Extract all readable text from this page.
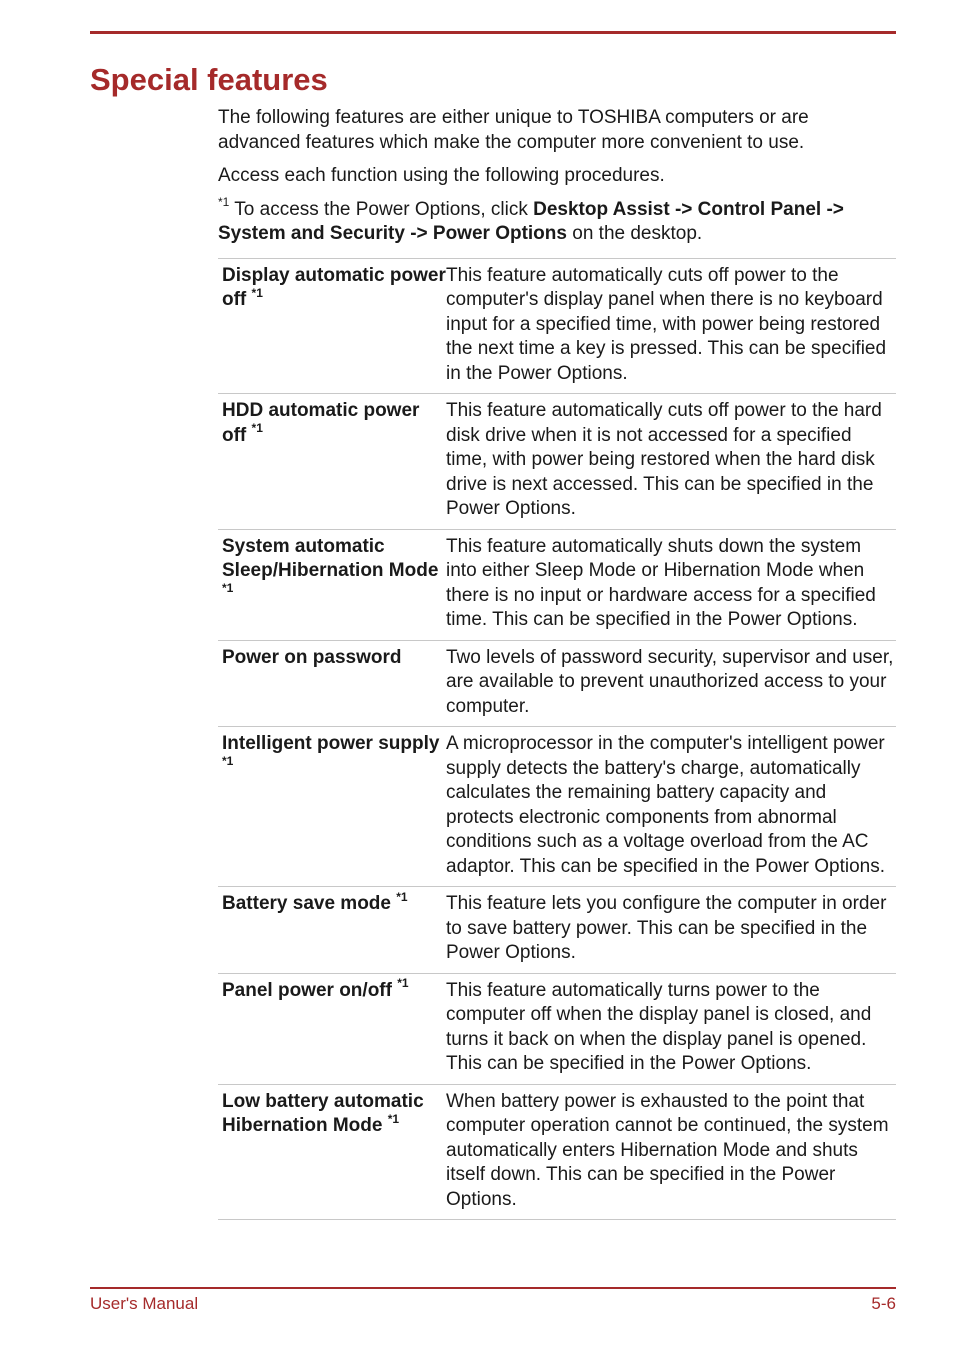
Special features

The following features are either unique to TOSHIBA computers or are advanced features which make the computer more convenient to use.

Access each function using the following procedures.

$^{*1}$ To access the Power Options, click Desktop Assist -> Control Panel -> System and Security -> Power Options on the desktop.

Display automatic power off $^{*1}$	This feature automatically cuts off power to the computer's display panel when there is no keyboard input for a specified time, with power being restored the next time a key is pressed. This can be specified in the Power Options.
HDD automatic power off $^{*1}$	This feature automatically cuts off power to the hard disk drive when it is not accessed for a specified time, with power being restored when the hard disk drive is next accessed. This can be specified in the Power Options.
System automatic Sleep/Hibernation Mode $^{*1}$	This feature automatically shuts down the system into either Sleep Mode or Hibernation Mode when there is no input or hardware access for a specified time. This can be specified in the Power Options.
Power on password	Two levels of password security, supervisor and user, are available to prevent unauthorized access to your computer.
Intelligent power supply $^{*1}$	A microprocessor in the computer's intelligent power supply detects the battery's charge, automatically calculates the remaining battery capacity and protects electronic components from abnormal conditions such as a voltage overload from the AC adaptor. This can be specified in the Power Options.
Battery save mode $^{*1}$	This feature lets you configure the computer in order to save battery power. This can be specified in the Power Options.
Panel power on/off $^{*1}$	This feature automatically turns power to the computer off when the display panel is closed, and turns it back on when the display panel is opened. This can be specified in the Power Options.
Low battery automatic Hibernation Mode $^{*1}$	When battery power is exhausted to the point that computer operation cannot be continued, the system automatically enters Hibernation Mode and shuts itself down. This can be specified in the Power Options.
User's Manual	5-6
